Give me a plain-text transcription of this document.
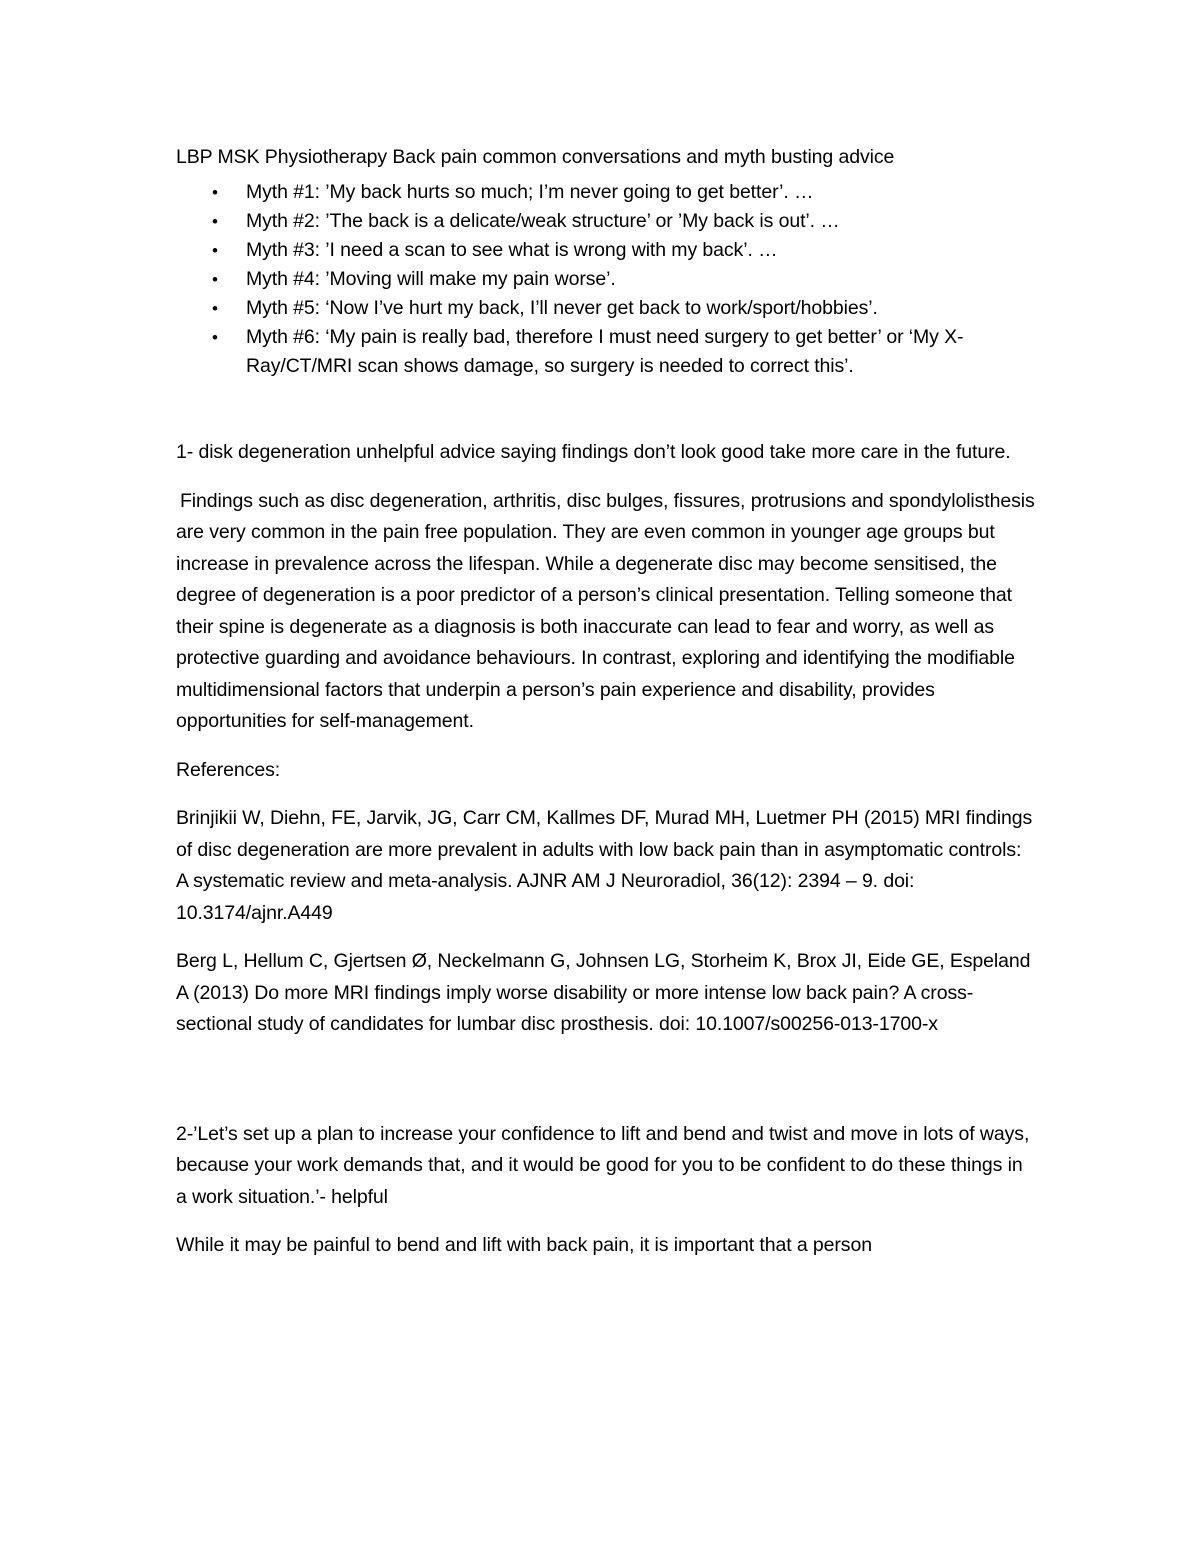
LBP MSK Physiotherapy Back pain common conversations and myth busting advice

• Myth #1: ’My back hurts so much; I’m never going to get better’. …
• Myth #2: ’The back is a delicate/weak structure’ or ’My back is out’. …
• Myth #3: ’I need a scan to see what is wrong with my back’. …
• Myth #4: ’Moving will make my pain worse’.
• Myth #5: ‘Now I’ve hurt my back, I’ll never get back to work/sport/hobbies’.
• Myth #6: ‘My pain is really bad, therefore I must need surgery to get better’ or ‘My X-Ray/CT/MRI scan shows damage, so surgery is needed to correct this’.

1- disk degeneration unhelpful advice saying findings don’t look good take more care in the future.

Findings such as disc degeneration, arthritis, disc bulges, fissures, protrusions and spondylolisthesis are very common in the pain free population. They are even common in younger age groups but increase in prevalence across the lifespan. While a degenerate disc may become sensitised, the degree of degeneration is a poor predictor of a person’s clinical presentation. Telling someone that their spine is degenerate as a diagnosis is both inaccurate can lead to fear and worry, as well as protective guarding and avoidance behaviours. In contrast, exploring and identifying the modifiable multidimensional factors that underpin a person’s pain experience and disability, provides opportunities for self-management.

References:

Brinjikii W, Diehn, FE, Jarvik, JG, Carr CM, Kallmes DF, Murad MH, Luetmer PH (2015) MRI findings of disc degeneration are more prevalent in adults with low back pain than in asymptomatic controls: A systematic review and meta-analysis. AJNR AM J Neuroradiol, 36(12): 2394 – 9. doi: 10.3174/ajnr.A449

Berg L, Hellum C, Gjertsen Ø, Neckelmann G, Johnsen LG, Storheim K, Brox JI, Eide GE, Espeland A (2013) Do more MRI findings imply worse disability or more intense low back pain? A cross-sectional study of candidates for lumbar disc prosthesis. doi: 10.1007/s00256-013-1700-x

2-’Let’s set up a plan to increase your confidence to lift and bend and twist and move in lots of ways, because your work demands that, and it would be good for you to be confident to do these things in a work situation.’- helpful

While it may be painful to bend and lift with back pain, it is important that a person
